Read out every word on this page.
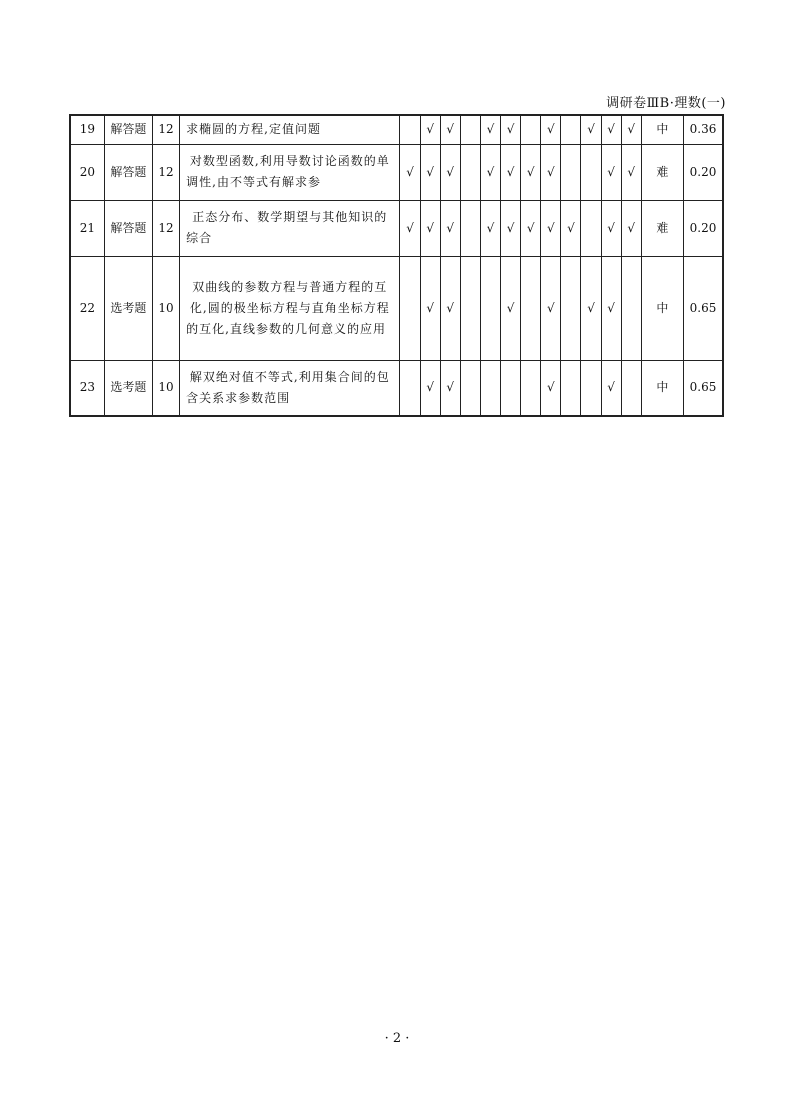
调研卷ⅢB·理数(一)
19	解答题	12	求椭圆的方程,定值问题		√	√		√	√		√		√	√	√	中	0.36
20	解答题	12	对数型函数,利用导数讨论函数的单调性,由不等式有解求参	√	√	√		√	√	√	√			√	√	难	0.20
21	解答题	12	正态分布、数学期望与其他知识的综合	√	√	√		√	√	√	√	√		√	√	难	0.20
22	选考题	10	双曲线的参数方程与普通方程的互化,圆的极坐标方程与直角坐标方程的互化,直线参数的几何意义的应用		√	√			√		√		√	√		中	0.65
23	选考题	10	解双绝对值不等式,利用集合间的包含关系求参数范围		√	√					√			√		中	0.65
· 2 ·
